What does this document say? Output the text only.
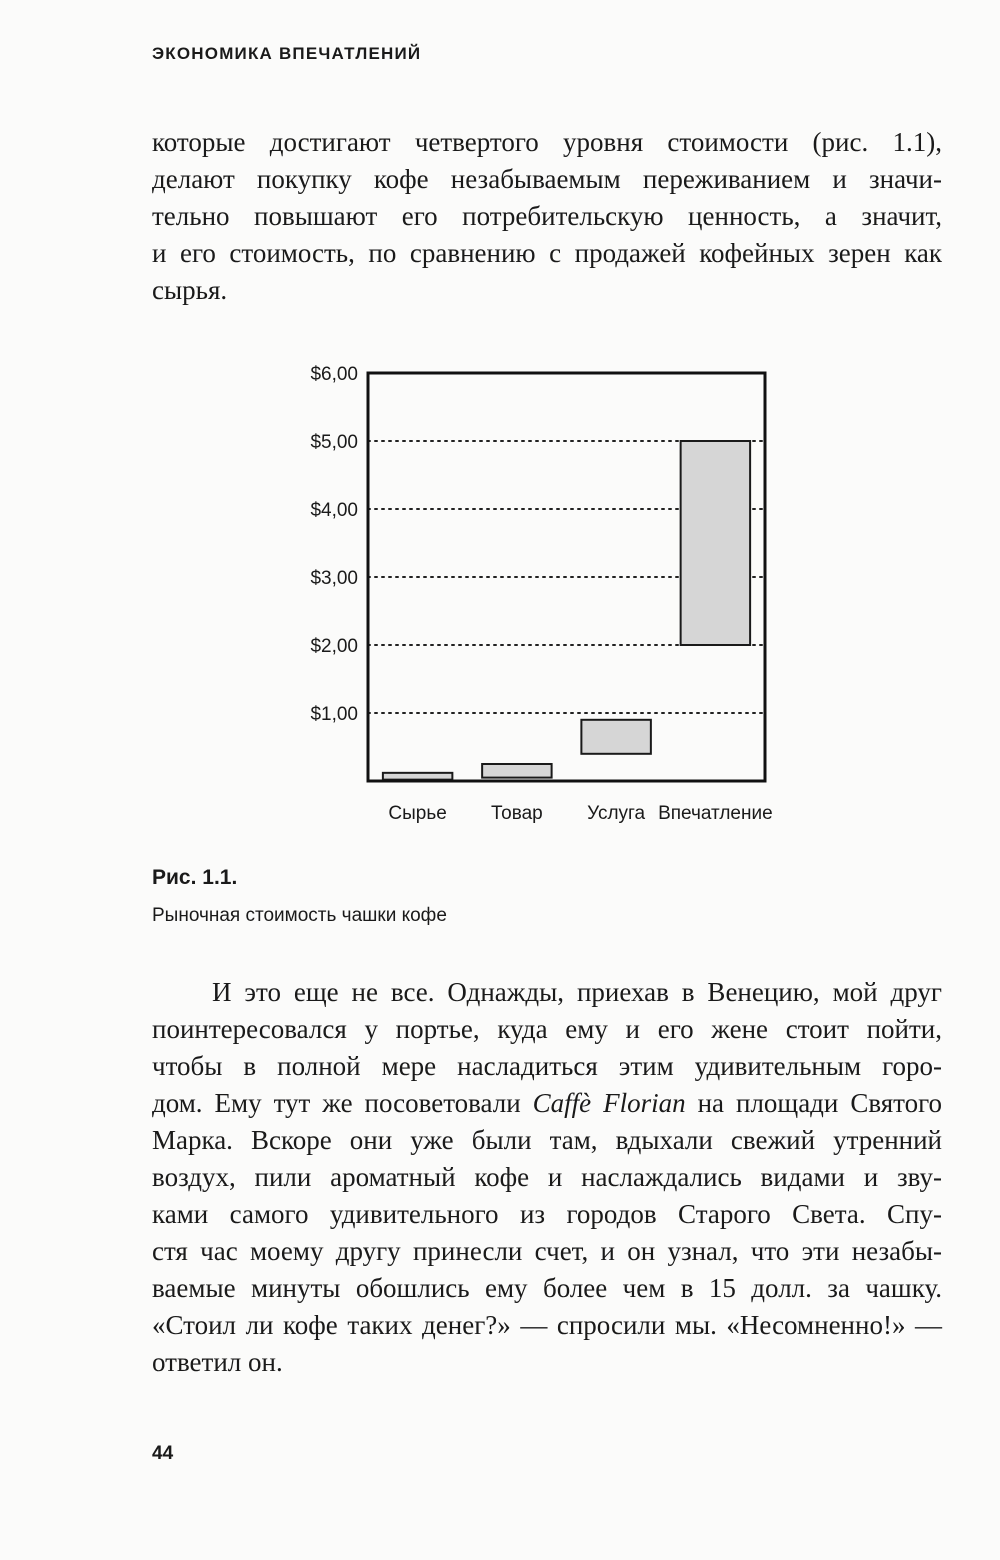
ЭКОНОМИКА ВПЕЧАТЛЕНИЙ

которые достигают четвертого уровня стоимости (рис. 1.1),
делают покупку кофе незабываемым переживанием и значи-
тельно повышают его потребительскую ценность, а значит,
и его стоимость, по сравнению с продажей кофейных зерен как
сырья.

$6,00
$5,00
$4,00
$3,00
$2,00
$1,00
Сырье Товар Услуга Впечатление
Рис. 1.1.
Рыночная стоимость чашки кофе

И это еще не все. Однажды, приехав в Венецию, мой друг
поинтересовался у портье, куда ему и его жене стоит пойти,
чтобы в полной мере насладиться этим удивительным горо-
дом. Ему тут же посоветовали Caffè Florian на площади Святого
Марка. Вскоре они уже были там, вдыхали свежий утренний
воздух, пили ароматный кофе и наслаждались видами и зву-
ками самого удивительного из городов Старого Света. Спу-
стя час моему другу принесли счет, и он узнал, что эти незабы-
ваемые минуты обошлись ему более чем в 15 долл. за чашку.
«Стоил ли кофе таких денег?» — спросили мы. «Несомненно!» —
ответил он.

44
